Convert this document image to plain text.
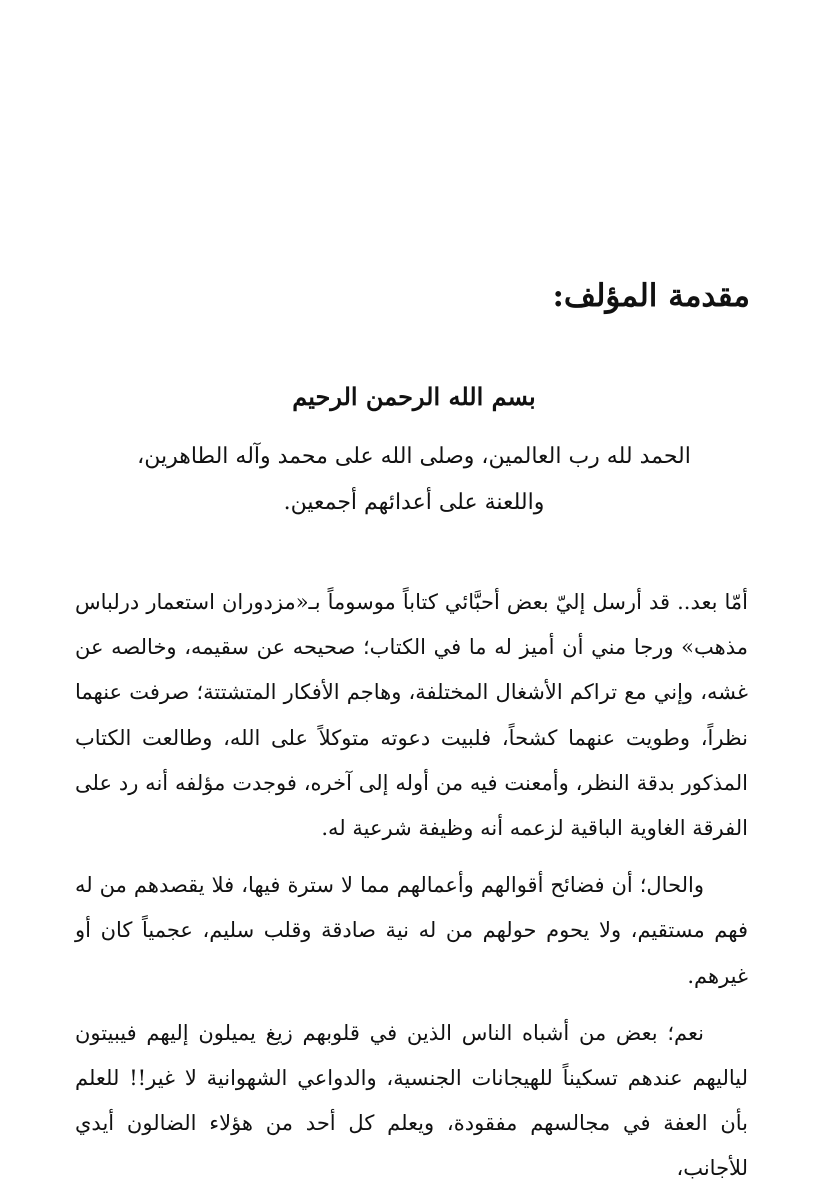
مقدمة المؤلف:
بسم الله الرحمن الرحيم
الحمد لله رب العالمين، وصلى الله على محمد وآله الطاهرين،
واللعنة على أعدائهم أجمعين.

أمّا بعد.. قد أرسل إليّ بعض أحبَّائي كتاباً موسوماً بـ«مزدوران استعمار درلباس مذهب» ورجا مني أن أميز له ما في الكتاب؛ صحيحه عن سقيمه، وخالصه عن غشه، وإني مع تراكم الأشغال المختلفة، وهاجم الأفكار المتشتتة؛ صرفت عنهما نظراً، وطويت عنهما كشحاً، فلبيت دعوته متوكلاً على الله، وطالعت الكتاب المذكور بدقة النظر، وأمعنت فيه من أوله إلى آخره، فوجدت مؤلفه أنه رد على الفرقة الغاوية الباقية لزعمه أنه وظيفة شرعية له.

والحال؛ أن فضائح أقوالهم وأعمالهم مما لا سترة فيها، فلا يقصدهم من له فهم مستقيم، ولا يحوم حولهم من له نية صادقة وقلب سليم، عجمياً كان أو غيرهم.

نعم؛ بعض من أشباه الناس الذين في قلوبهم زيغ يميلون إليهم فيبيتون لياليهم عندهم تسكيناً للهيجانات الجنسية، والدواعي الشهوانية لا غير!! للعلم بأن العفة في مجالسهم مفقودة، ويعلم كل أحد من هؤلاء الضالون أيدي للأجانب،
